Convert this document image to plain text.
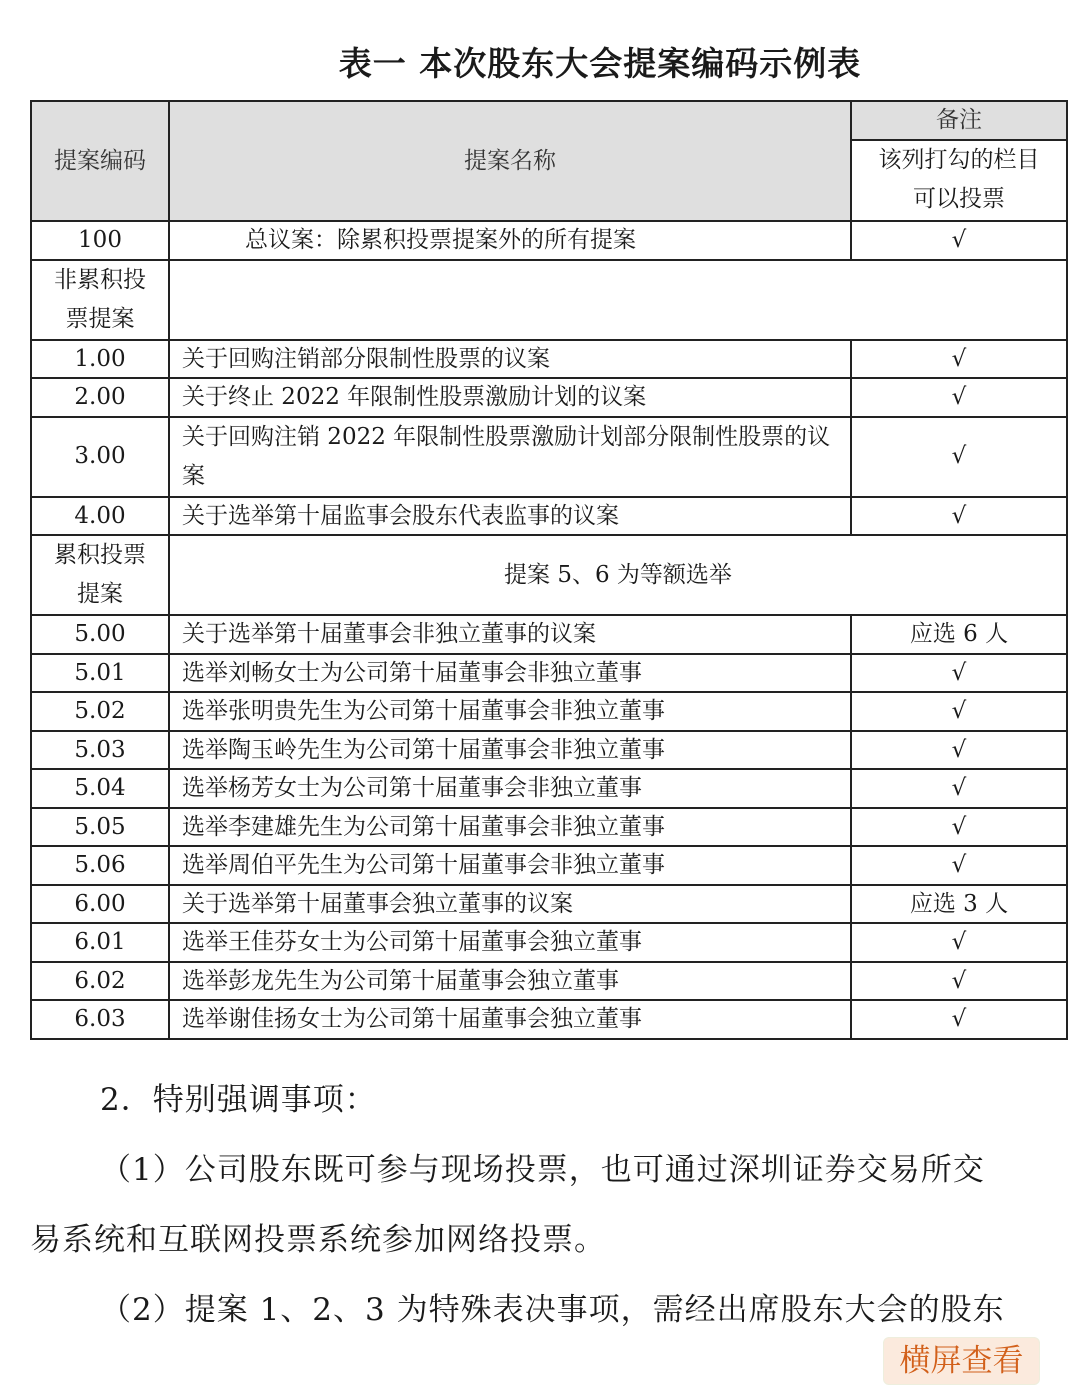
表一 本次股东大会提案编码示例表
提案编码	提案名称	备注
		该列打勾的栏目可以投票
100	总议案：除累积投票提案外的所有提案	√
非累积投票提案		
1.00	关于回购注销部分限制性股票的议案	√
2.00	关于终止 2022 年限制性股票激励计划的议案	√
3.00	关于回购注销 2022 年限制性股票激励计划部分限制性股票的议案	√
4.00	关于选举第十届监事会股东代表监事的议案	√
累积投票提案	提案 5、6 为等额选举	
5.00	关于选举第十届董事会非独立董事的议案	应选 6 人
5.01	选举刘畅女士为公司第十届董事会非独立董事	√
5.02	选举张明贵先生为公司第十届董事会非独立董事	√
5.03	选举陶玉岭先生为公司第十届董事会非独立董事	√
5.04	选举杨芳女士为公司第十届董事会非独立董事	√
5.05	选举李建雄先生为公司第十届董事会非独立董事	√
5.06	选举周伯平先生为公司第十届董事会非独立董事	√
6.00	关于选举第十届董事会独立董事的议案	应选 3 人
6.01	选举王佳芬女士为公司第十届董事会独立董事	√
6.02	选举彭龙先生为公司第十届董事会独立董事	√
6.03	选举谢佳扬女士为公司第十届董事会独立董事	√
2．特别强调事项：
（1）公司股东既可参与现场投票，也可通过深圳证券交易所交
易系统和互联网投票系统参加网络投票。
（2）提案 1、2、3 为特殊表决事项，需经出席股东大会的股东
横屏查看
